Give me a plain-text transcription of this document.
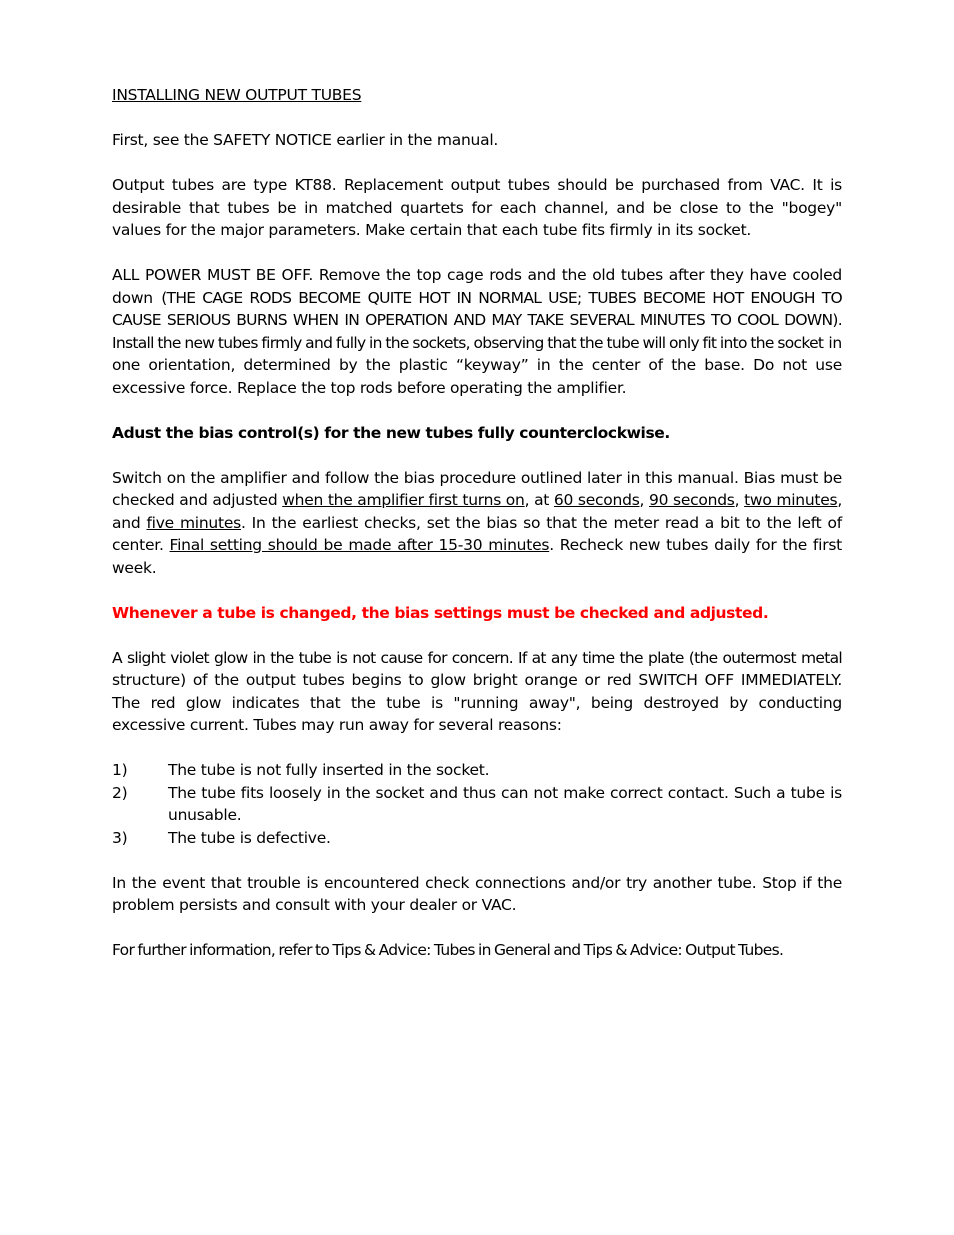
INSTALLING NEW OUTPUT TUBES
First, see the SAFETY NOTICE earlier in the manual.
Output tubes are type KT88. Replacement output tubes should be purchased from VAC. It is desirable that tubes be in matched quartets for each channel, and be close to the "bogey" values for the major parameters. Make certain that each tube fits firmly in its socket.
ALL POWER MUST BE OFF. Remove the top cage rods and the old tubes after they have cooled down (THE CAGE RODS BECOME QUITE HOT IN NORMAL USE; TUBES BECOME HOT ENOUGH TO CAUSE SERIOUS BURNS WHEN IN OPERATION AND MAY TAKE SEVERAL MINUTES TO COOL DOWN). Install the new tubes firmly and fully in the sockets, observing that the tube will only fit into the socket in one orientation, determined by the plastic “keyway” in the center of the base. Do not use excessive force. Replace the top rods before operating the amplifier.
Adust the bias control(s) for the new tubes fully counterclockwise.
Switch on the amplifier and follow the bias procedure outlined later in this manual. Bias must be checked and adjusted when the amplifier first turns on, at 60 seconds, 90 seconds, two minutes, and five minutes. In the earliest checks, set the bias so that the meter read a bit to the left of center. Final setting should be made after 15-30 minutes. Recheck new tubes daily for the first week.
Whenever a tube is changed, the bias settings must be checked and adjusted.
A slight violet glow in the tube is not cause for concern. If at any time the plate (the outermost metal structure) of the output tubes begins to glow bright orange or red SWITCH OFF IMMEDIATELY. The red glow indicates that the tube is "running away", being destroyed by conducting excessive current. Tubes may run away for several reasons:
1)	The tube is not fully inserted in the socket.
2)	The tube fits loosely in the socket and thus can not make correct contact. Such a tube is unusable.
3)	The tube is defective.
In the event that trouble is encountered check connections and/or try another tube. Stop if the problem persists and consult with your dealer or VAC.
For further information, refer to Tips & Advice: Tubes in General and Tips & Advice: Output Tubes.
